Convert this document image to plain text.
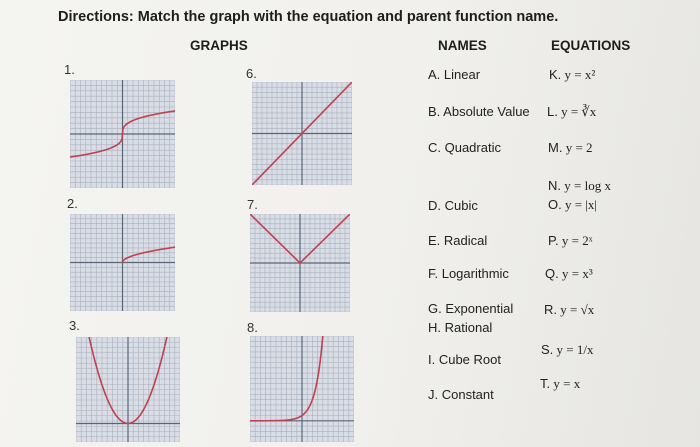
Directions: Match the graph with the equation and parent function name.
GRAPHS	NAMES	EQUATIONS
1.	6.
2.	7.
3.	8.
A. Linear
B. Absolute Value
C. Quadratic
D. Cubic
E. Radical
F. Logarithmic
G. Exponential
H. Rational
I. Cube Root
J. Constant
K. y = x²
L. y = ∛x
M. y = 2
N. y = log x
O. y = |x|
P. y = 2ˣ
Q. y = x³
R. y = √x
S. y = 1/x
T. y = x
